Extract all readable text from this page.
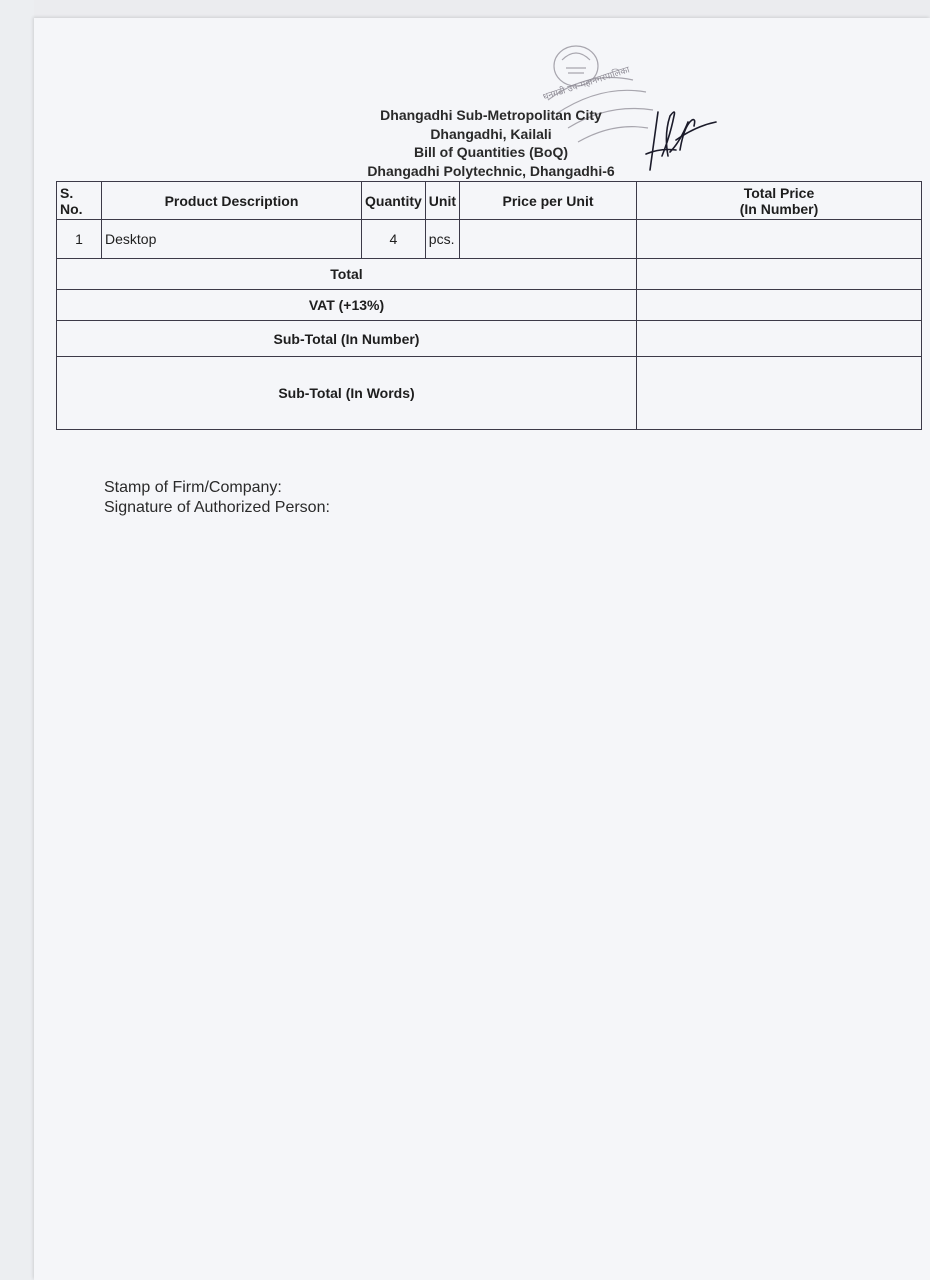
धनगढी उप-महानगरपालिका
Dhangadhi Sub-Metropolitan City
Dhangadhi, Kailali
Bill of Quantities (BoQ)
Dhangadhi Polytechnic, Dhangadhi-6
S. No.	Product Description	Quantity	Unit	Price per Unit	Total Price
(In Number)

1	Desktop	4	pcs.		
Total					
VAT (+13%)					
Sub-Total (In Number)					
Sub-Total (In Words)					
Stamp of Firm/Company:
Signature of Authorized Person:
